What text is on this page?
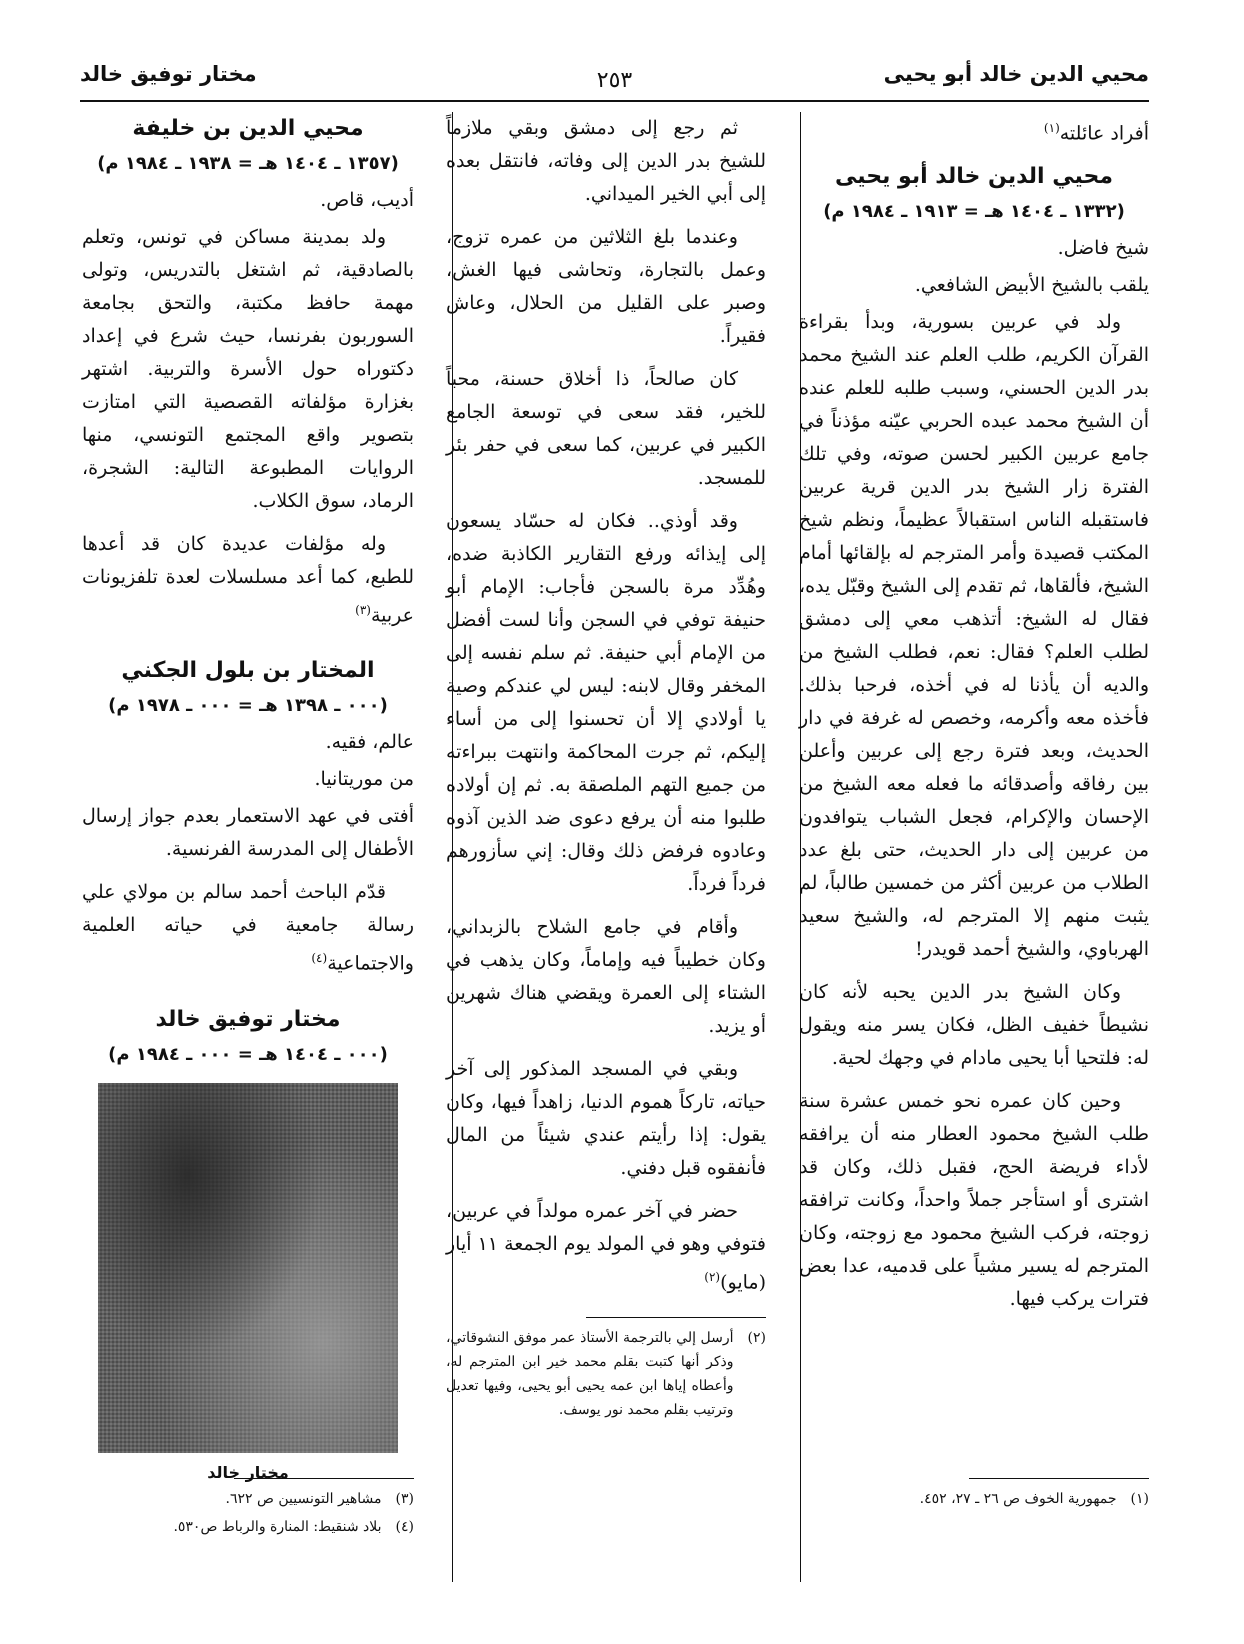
محيي الدين خالد أبو يحيى
٢٥٣
مختار توفيق خالد

أفراد عائلته$^{(١)}$

محيي الدين خالد أبو يحيى
(١٣٣٢ ـ ١٤٠٤ هـ = ١٩١٣ ـ ١٩٨٤ م)
شيخ فاضل.
يلقب بالشيخ الأبيض الشافعي.

ولد في عربين بسورية، وبدأ بقراءة القرآن الكريم، طلب العلم عند الشيخ محمد بدر الدين الحسني، وسبب طلبه للعلم عنده أن الشيخ محمد عبده الحربي عيّنه مؤذناً في جامع عربين الكبير لحسن صوته، وفي تلك الفترة زار الشيخ بدر الدين قرية عربين فاستقبله الناس استقبالاً عظيماً، ونظم شيخ المكتب قصيدة وأمر المترجم له بإلقائها أمام الشيخ، فألقاها، ثم تقدم إلى الشيخ وقبّل يده، فقال له الشيخ: أتذهب معي إلى دمشق لطلب العلم؟ فقال: نعم، فطلب الشيخ من والديه أن يأذنا له في أخذه، فرحبا بذلك. فأخذه معه وأكرمه، وخصص له غرفة في دار الحديث، وبعد فترة رجع إلى عربين وأعلن بين رفاقه وأصدقائه ما فعله معه الشيخ من الإحسان والإكرام، فجعل الشباب يتوافدون من عربين إلى دار الحديث، حتى بلغ عدد الطلاب من عربين أكثر من خمسين طالباً، لم يثبت منهم إلا المترجم له، والشيخ سعيد الهرباوي، والشيخ أحمد قويدر!

وكان الشيخ بدر الدين يحبه لأنه كان نشيطاً خفيف الظل، فكان يسر منه ويقول له: فلتحيا أبا يحيى مادام في وجهك لحية.

وحين كان عمره نحو خمس عشرة سنة طلب الشيخ محمود العطار منه أن يرافقه لأداء فريضة الحج، فقبل ذلك، وكان قد اشترى أو استأجر جملاً واحداً، وكانت ترافقه زوجته، فركب الشيخ محمود مع زوجته، وكان المترجم له يسير مشياً على قدميه، عدا بعض فترات يركب فيها.

(١)
جمهورية الخوف ص ٢٦ ـ ٢٧، ٤٥٢.

ثم رجع إلى دمشق وبقي ملازماً للشيخ بدر الدين إلى وفاته، فانتقل بعده إلى أبي الخير الميداني.

وعندما بلغ الثلاثين من عمره تزوج، وعمل بالتجارة، وتحاشى فيها الغش، وصبر على القليل من الحلال، وعاش فقيراً.

كان صالحاً، ذا أخلاق حسنة، محباً للخير، فقد سعى في توسعة الجامع الكبير في عربين، كما سعى في حفر بئر للمسجد.

وقد أوذي.. فكان له حسّاد يسعون إلى إيذائه ورفع التقارير الكاذبة ضده، وهُدِّد مرة بالسجن فأجاب: الإمام أبو حنيفة توفي في السجن وأنا لست أفضل من الإمام أبي حنيفة. ثم سلم نفسه إلى المخفر وقال لابنه: ليس لي عندكم وصية يا أولادي إلا أن تحسنوا إلى من أساء إليكم، ثم جرت المحاكمة وانتهت ببراءته من جميع التهم الملصقة به. ثم إن أولاده طلبوا منه أن يرفع دعوى ضد الذين آذوه وعادوه فرفض ذلك وقال: إني سأزورهم فرداً فرداً.

وأقام في جامع الشلاح بالزبداني، وكان خطيباً فيه وإماماً، وكان يذهب في الشتاء إلى العمرة ويقضي هناك شهرين أو يزيد.

وبقي في المسجد المذكور إلى آخر حياته، تاركاً هموم الدنيا، زاهداً فيها، وكان يقول: إذا رأيتم عندي شيئاً من المال فأنفقوه قبل دفني.

حضر في آخر عمره مولداً في عربين، فتوفي وهو في المولد يوم الجمعة ١١ أيار (مايو)$^{(٢)}$

(٢)
أرسل إلي بالترجمة الأستاذ عمر موفق النشوقاتي، وذكر أنها كتبت بقلم محمد خير ابن المترجم له، وأعطاه إياها ابن عمه يحيى أبو يحيى، وفيها تعديل وترتيب بقلم محمد نور يوسف.
محيي الدين بن خليفة
(١٣٥٧ ـ ١٤٠٤ هـ = ١٩٣٨ ـ ١٩٨٤ م)
أديب، قاص.

ولد بمدينة مساكن في تونس، وتعلم بالصادقية، ثم اشتغل بالتدريس، وتولى مهمة حافظ مكتبة، والتحق بجامعة السوربون بفرنسا، حيث شرع في إعداد دكتوراه حول الأسرة والتربية. اشتهر بغزارة مؤلفاته القصصية التي امتازت بتصوير واقع المجتمع التونسي، منها الروايات المطبوعة التالية: الشجرة، الرماد، سوق الكلاب.

وله مؤلفات عديدة كان قد أعدها للطبع، كما أعد مسلسلات لعدة تلفزيونات عربية$^{(٣)}$

المختار بن بلول الجكني
(٠٠٠ ـ ١٣٩٨ هـ = ٠٠٠ ـ ١٩٧٨ م)
عالم، فقيه.
من موريتانيا.

أفتى في عهد الاستعمار بعدم جواز إرسال الأطفال إلى المدرسة الفرنسية.

قدّم الباحث أحمد سالم بن مولاي علي رسالة جامعية في حياته العلمية والاجتماعية$^{(٤)}$

مختار توفيق خالد
(٠٠٠ ـ ١٤٠٤ هـ = ٠٠٠ ـ ١٩٨٤ م)
مختار خالد
(٣)
مشاهير التونسيين ص ٦٢٢.
(٤)
بلاد شنقيط: المنارة والرباط ص٥٣٠.
